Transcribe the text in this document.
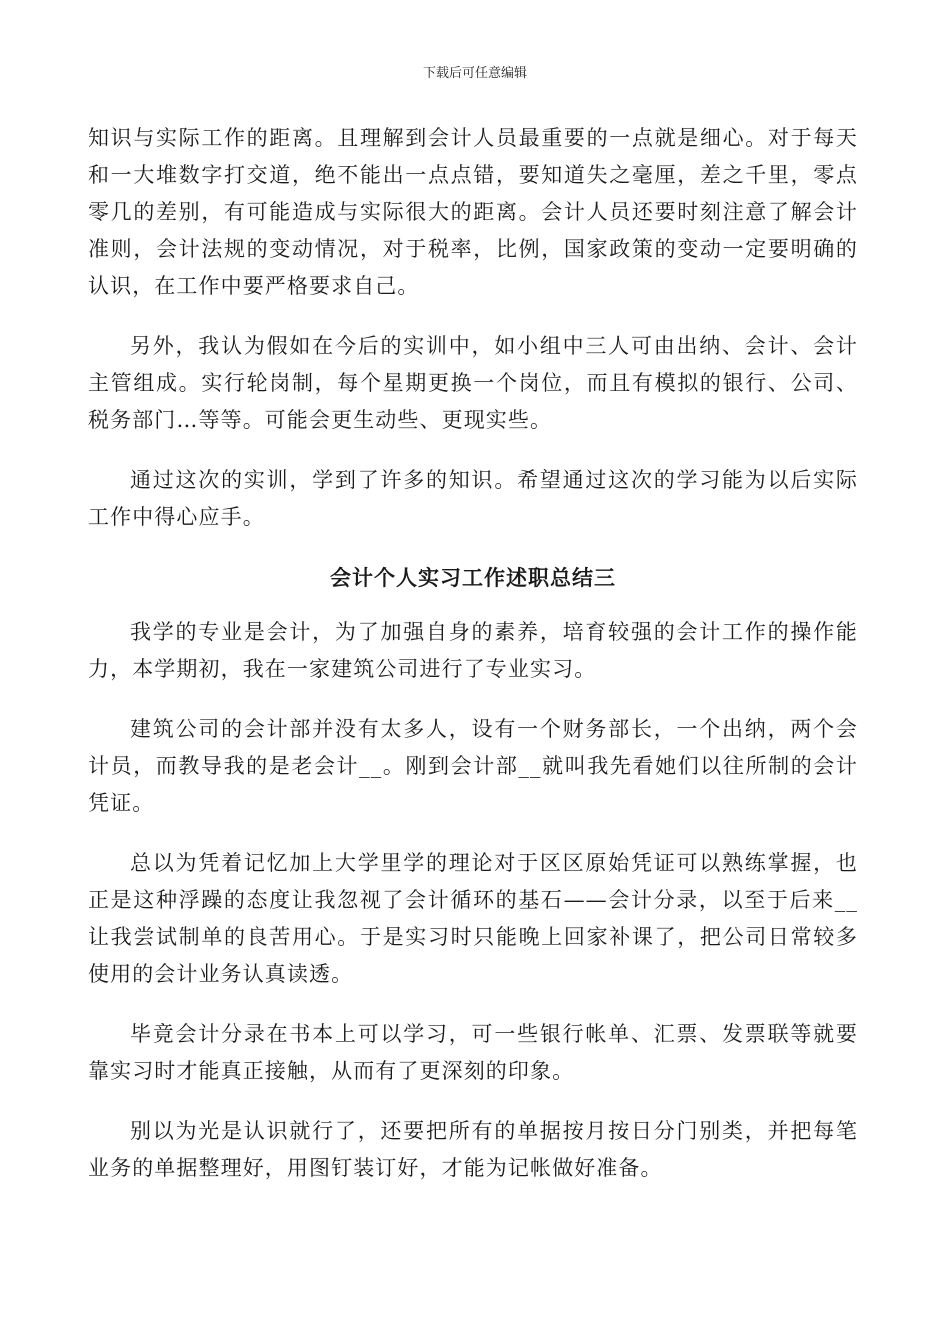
下载后可任意编辑

知识与实际工作的距离。且理解到会计人员最重要的一点就是细心。对于每天和一大堆数字打交道，绝不能出一点点错，要知道失之毫厘，差之千里，零点零几的差别，有可能造成与实际很大的距离。会计人员还要时刻注意了解会计准则，会计法规的变动情况，对于税率，比例，国家政策的变动一定要明确的认识，在工作中要严格要求自己。

另外，我认为假如在今后的实训中，如小组中三人可由出纳、会计、会计主管组成。实行轮岗制，每个星期更换一个岗位，而且有模拟的银行、公司、税务部门…等等。可能会更生动些、更现实些。

通过这次的实训，学到了许多的知识。希望通过这次的学习能为以后实际工作中得心应手。

会计个人实习工作述职总结三

我学的专业是会计，为了加强自身的素养，培育较强的会计工作的操作能力，本学期初，我在一家建筑公司进行了专业实习。

建筑公司的会计部并没有太多人，设有一个财务部长，一个出纳，两个会计员，而教导我的是老会计__。刚到会计部__就叫我先看她们以往所制的会计凭证。

总以为凭着记忆加上大学里学的理论对于区区原始凭证可以熟练掌握，也正是这种浮躁的态度让我忽视了会计循环的基石——会计分录，以至于后来__让我尝试制单的良苦用心。于是实习时只能晚上回家补课了，把公司日常较多使用的会计业务认真读透。

毕竟会计分录在书本上可以学习，可一些银行帐单、汇票、发票联等就要靠实习时才能真正接触，从而有了更深刻的印象。

别以为光是认识就行了，还要把所有的单据按月按日分门别类，并把每笔业务的单据整理好，用图钉装订好，才能为记帐做好准备。
